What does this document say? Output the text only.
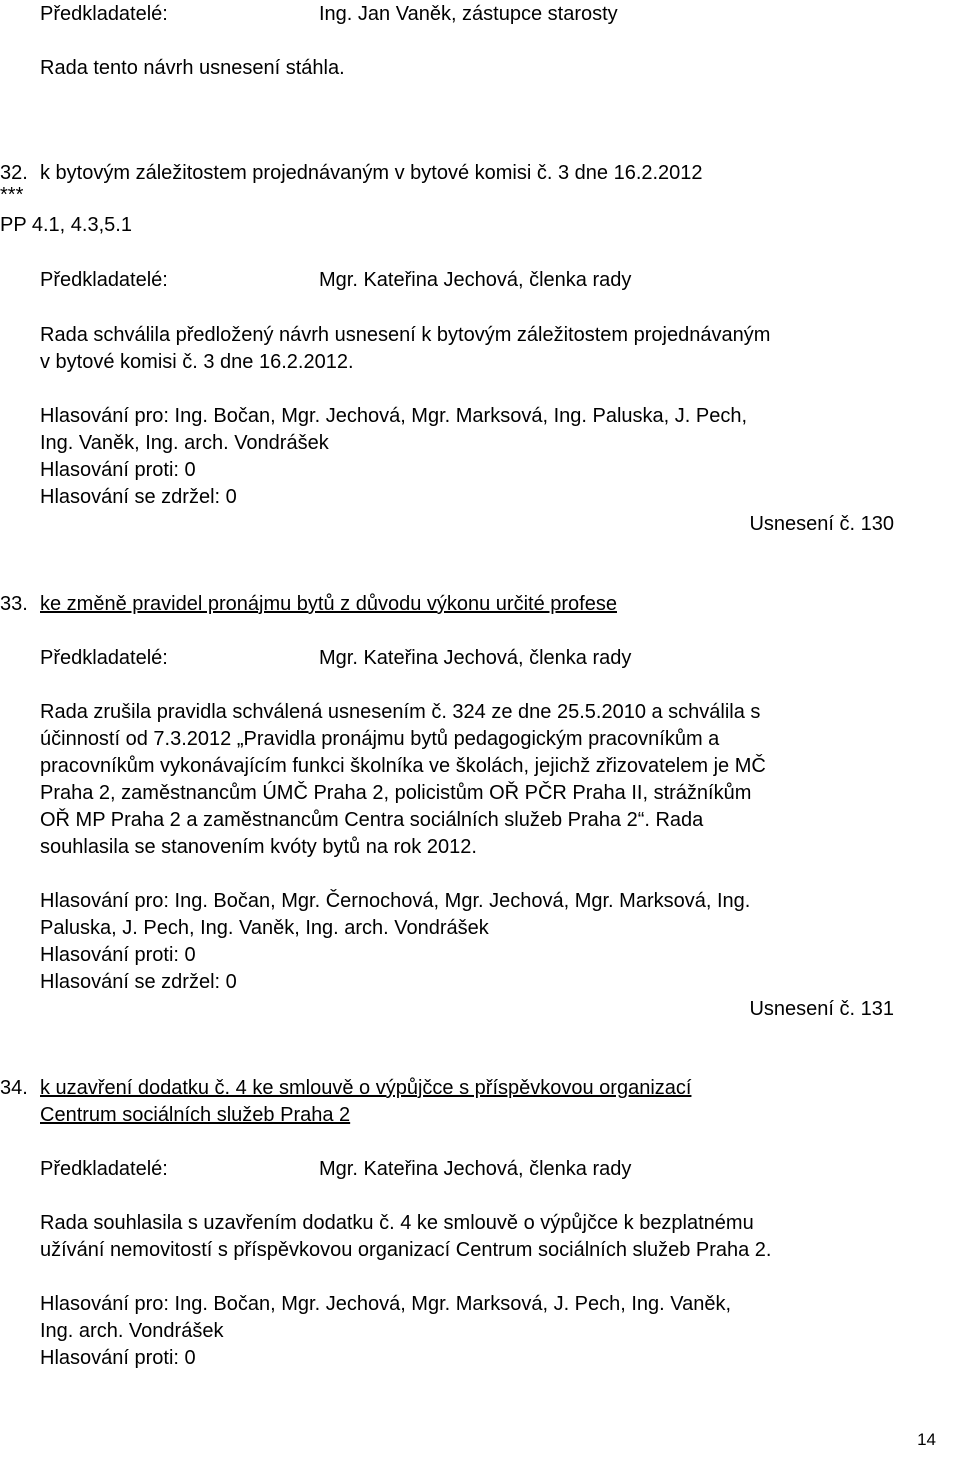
Předkladatelé:	Ing. Jan Vaněk, zástupce starosty
Rada tento návrh usnesení stáhla.
32. k bytovým záležitostem projednávaným v bytové komisi č. 3 dne 16.2.2012
***
PP 4.1, 4.3,5.1
Předkladatelé:	Mgr. Kateřina Jechová, členka rady
Rada schválila předložený návrh usnesení k bytovým záležitostem projednávaným
v bytové komisi č. 3 dne 16.2.2012.
Hlasování pro: Ing. Bočan, Mgr. Jechová, Mgr. Marksová, Ing. Paluska, J. Pech,
Ing. Vaněk, Ing. arch. Vondrášek
Hlasování proti: 0
Hlasování se zdržel: 0
Usnesení č. 130
33. ke změně pravidel pronájmu bytů z důvodu výkonu určité profese
Předkladatelé:	Mgr. Kateřina Jechová, členka rady
Rada zrušila pravidla schválená usnesením č. 324 ze dne 25.5.2010 a schválila s
účinností od 7.3.2012 „Pravidla pronájmu bytů pedagogickým pracovníkům a
pracovníkům vykonávajícím funkci školníka ve školách, jejichž zřizovatelem je MČ
Praha 2, zaměstnancům ÚMČ Praha 2, policistům OŘ PČR Praha II, strážníkům
OŘ MP Praha 2 a zaměstnancům Centra sociálních služeb Praha 2“. Rada
souhlasila se stanovením kvóty bytů na rok 2012.
Hlasování pro: Ing. Bočan, Mgr. Černochová, Mgr. Jechová, Mgr. Marksová, Ing.
Paluska, J. Pech, Ing. Vaněk, Ing. arch. Vondrášek
Hlasování proti: 0
Hlasování se zdržel: 0
Usnesení č. 131
34. k uzavření dodatku č. 4 ke smlouvě o výpůjčce s příspěvkovou organizací
Centrum sociálních služeb Praha 2
Předkladatelé:	Mgr. Kateřina Jechová, členka rady
Rada souhlasila s uzavřením dodatku č. 4 ke smlouvě o výpůjčce k bezplatnému
užívání nemovitostí s příspěvkovou organizací Centrum sociálních služeb Praha 2.
Hlasování pro: Ing. Bočan, Mgr. Jechová, Mgr. Marksová, J. Pech, Ing. Vaněk,
Ing. arch. Vondrášek
Hlasování proti: 0
14
